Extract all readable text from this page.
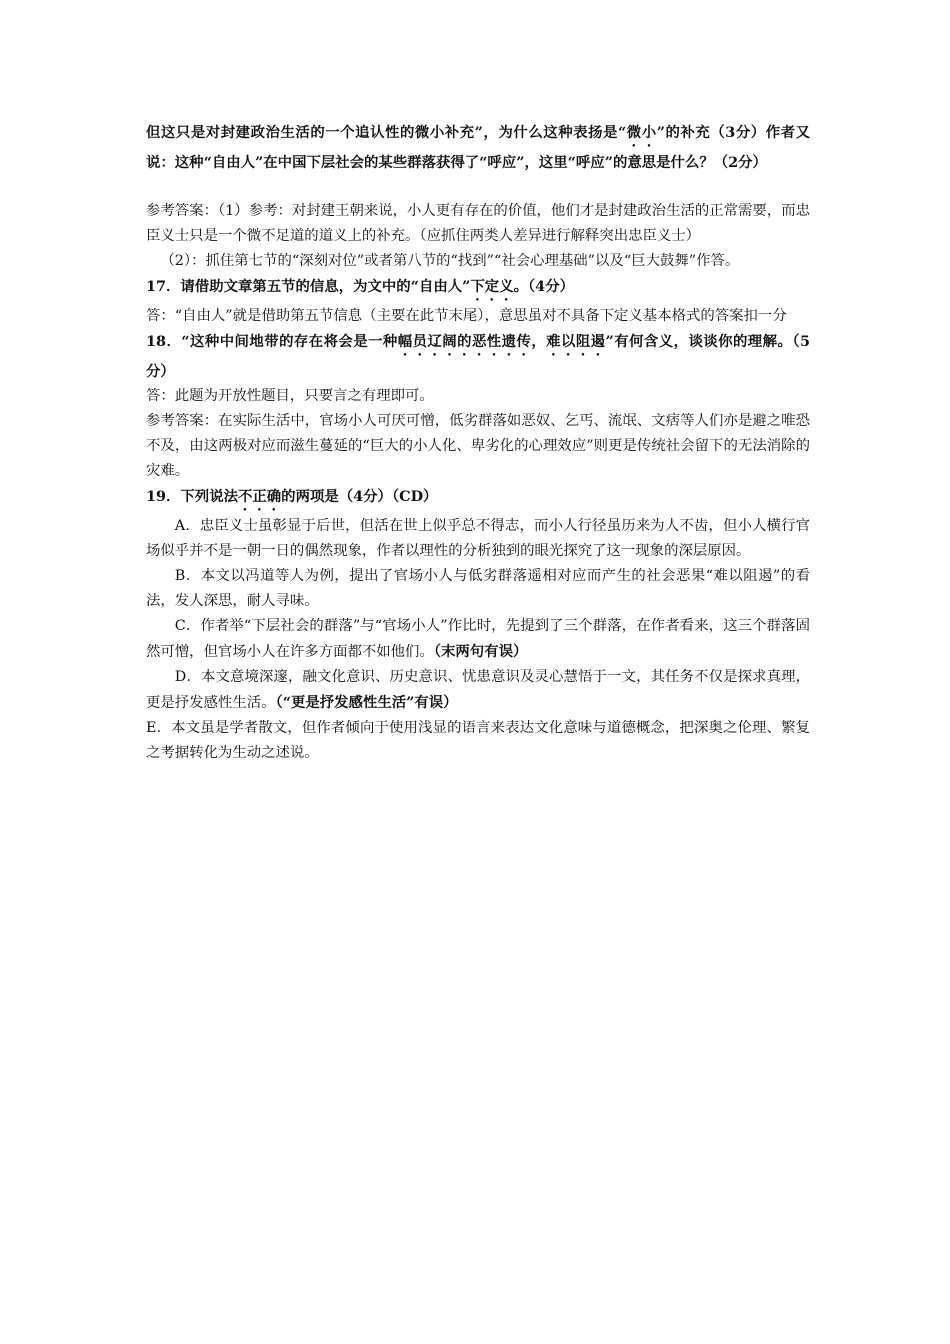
但这只是对封建政治生活的一个追认性的微小补充”，为什么这种表扬是“微小”的补充（3分）作者又说：这种“自由人”在中国下层社会的某些群落获得了“呼应”，这里“呼应”的意思是什么？（2分）

参考答案：（1）参考：对封建王朝来说，小人更有存在的价值，他们才是封建政治生活的正常需要，而忠臣义士只是一个微不足道的道义上的补充。（应抓住两类人差异进行解释突出忠臣义士）

（2）：抓住第七节的“深刻对位”或者第八节的“找到”“社会心理基础”以及“巨大鼓舞”作答。

17．请借助文章第五节的信息，为文中的“自由人”下定义。（4分）

答：“自由人”就是借助第五节信息（主要在此节末尾），意思虽对不具备下定义基本格式的答案扣一分

18．“这种中间地带的存在将会是一种幅员辽阔的恶性遗传，难以阻遏”有何含义，谈谈你的理解。（5分）

答：此题为开放性题目，只要言之有理即可。

参考答案：在实际生活中，官场小人可厌可憎，低劣群落如恶奴、乞丐、流氓、文痞等人们亦是避之唯恐不及，由这两极对应而滋生蔓延的“巨大的小人化、卑劣化的心理效应”则更是传统社会留下的无法消除的灾难。

19．下列说法不正确的两项是（4分）（CD）

A．忠臣义士虽彰显于后世，但活在世上似乎总不得志，而小人行径虽历来为人不齿，但小人横行官场似乎并不是一朝一日的偶然现象，作者以理性的分析独到的眼光探究了这一现象的深层原因。

B．本文以冯道等人为例，提出了官场小人与低劣群落遥相对应而产生的社会恶果“难以阻遏”的看法，发人深思，耐人寻味。

C．作者举“下层社会的群落”与“官场小人”作比时，先提到了三个群落，在作者看来，这三个群落固然可憎，但官场小人在许多方面都不如他们。（末两句有误）

D．本文意境深邃，融文化意识、历史意识、忧患意识及灵心慧悟于一文，其任务不仅是探求真理，更是抒发感性生活。（“更是抒发感性生活”有误）

E．本文虽是学者散文，但作者倾向于使用浅显的语言来表达文化意味与道德概念，把深奥之伦理、繁复之考据转化为生动之述说。
